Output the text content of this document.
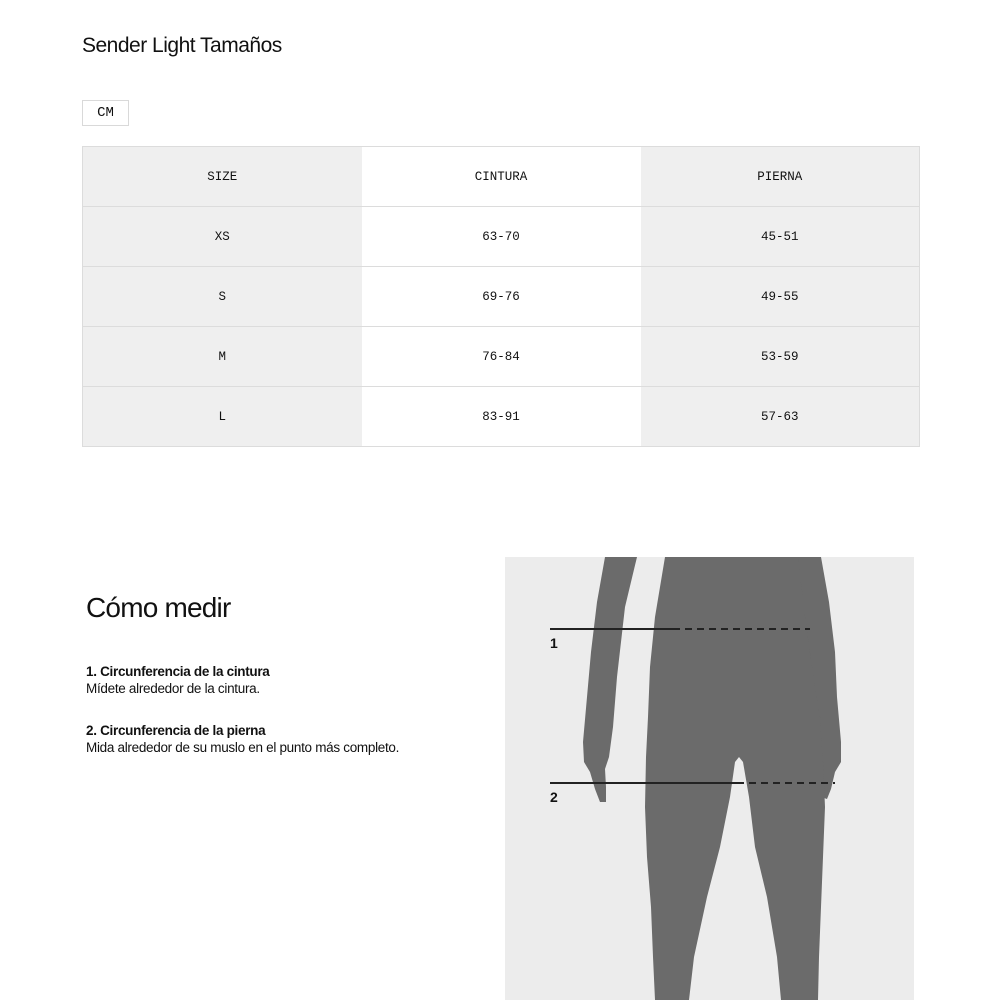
Sender Light Tamaños
CM
SIZE	CINTURA	PIERNA
XS	63-70	45-51
S	69-76	49-55
M	76-84	53-59
L	83-91	57-63
Cómo medir
1. Circunferencia de la cintura
Mídete alrededor de la cintura.
2. Circunferencia de la pierna
Mida alrededor de su muslo en el punto más completo.
1
2
